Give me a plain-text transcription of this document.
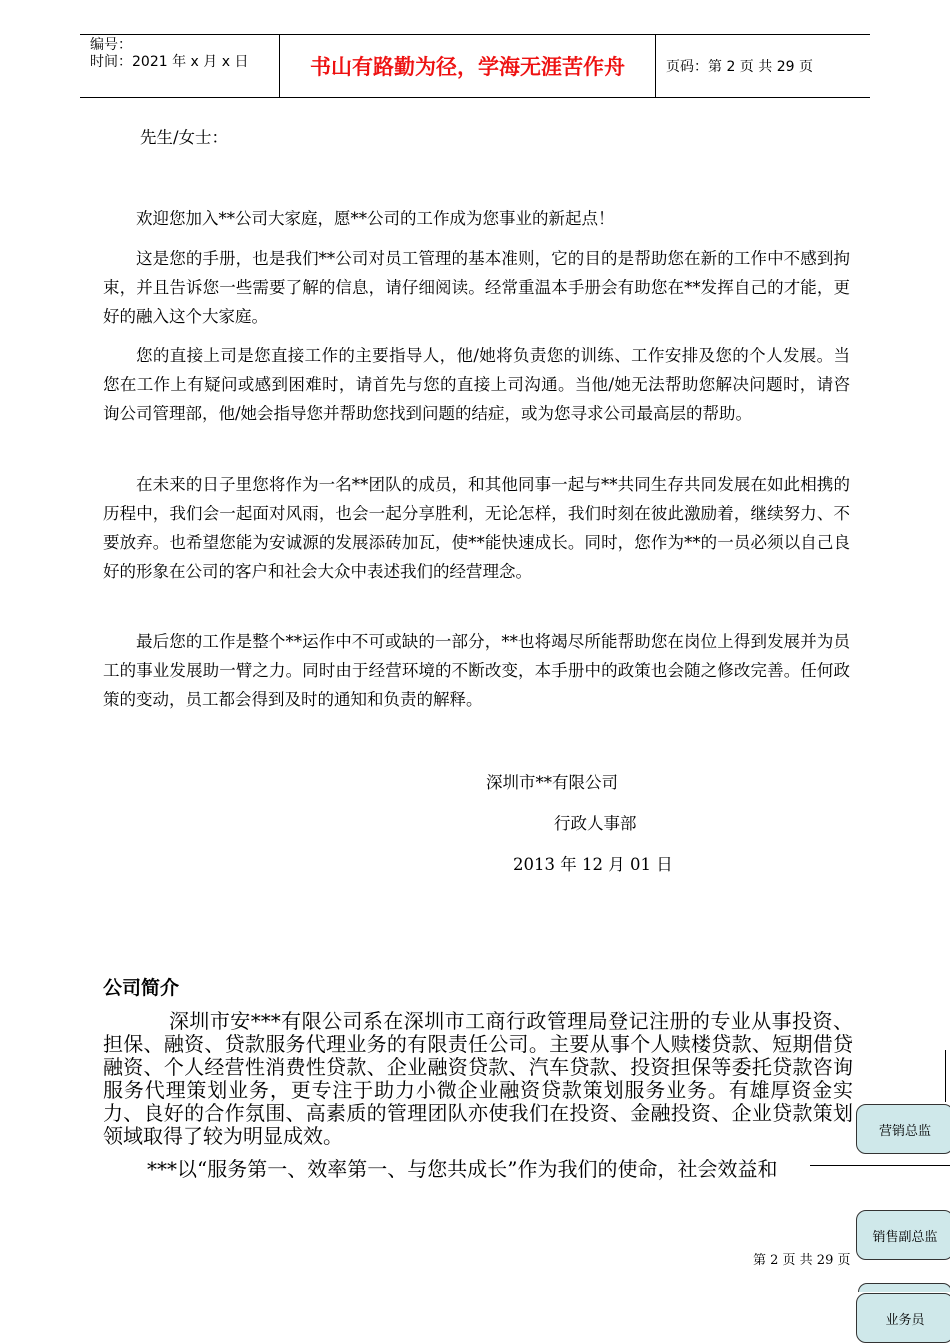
编号：
时间：2021 年 x 月 x 日	书山有路勤为径，学海无涯苦作舟	页码：第 2 页 共 29 页
先生/女士：

欢迎您加入**公司大家庭，愿**公司的工作成为您事业的新起点！

这是您的手册，也是我们**公司对员工管理的基本准则，它的目的是帮助您在新的工作中不感到拘束，并且告诉您一些需要了解的信息，请仔细阅读。经常重温本手册会有助您在**发挥自己的才能，更好的融入这个大家庭。

您的直接上司是您直接工作的主要指导人，他/她将负责您的训练、工作安排及您的个人发展。当您在工作上有疑问或感到困难时，请首先与您的直接上司沟通。当他/她无法帮助您解决问题时，请咨询公司管理部，他/她会指导您并帮助您找到问题的结症，或为您寻求公司最高层的帮助。

在未来的日子里您将作为一名**团队的成员，和其他同事一起与**共同生存共同发展在如此相携的历程中，我们会一起面对风雨，也会一起分享胜利，无论怎样，我们时刻在彼此激励着，继续努力、不要放弃。也希望您能为安诚源的发展添砖加瓦，使**能快速成长。同时，您作为**的一员必须以自己良好的形象在公司的客户和社会大众中表述我们的经营理念。

最后您的工作是整个**运作中不可或缺的一部分，**也将竭尽所能帮助您在岗位上得到发展并为员工的事业发展助一臂之力。同时由于经营环境的不断改变，本手册中的政策也会随之修改完善。任何政策的变动，员工都会得到及时的通知和负责的解释。

深圳市**有限公司
行政人事部
2013 年 12 月 01 日
公司简介

深圳市安***有限公司系在深圳市工商行政管理局登记注册的专业从事投资、担保、融资、贷款服务代理业务的有限责任公司。主要从事个人赎楼贷款、短期借贷融资、个人经营性消费性贷款、企业融资贷款、汽车贷款、投资担保等委托贷款咨询服务代理策划业务，更专注于助力小微企业融资贷款策划服务业务。有雄厚资金实力、良好的合作氛围、高素质的管理团队亦使我们在投资、金融投资、企业贷款策划领域取得了较为明显成效。

***以“服务第一、效率第一、与您共成长”作为我们的使命，社会效益和

营销总监
销售副总监
业务员
第 2 页 共 29 页
